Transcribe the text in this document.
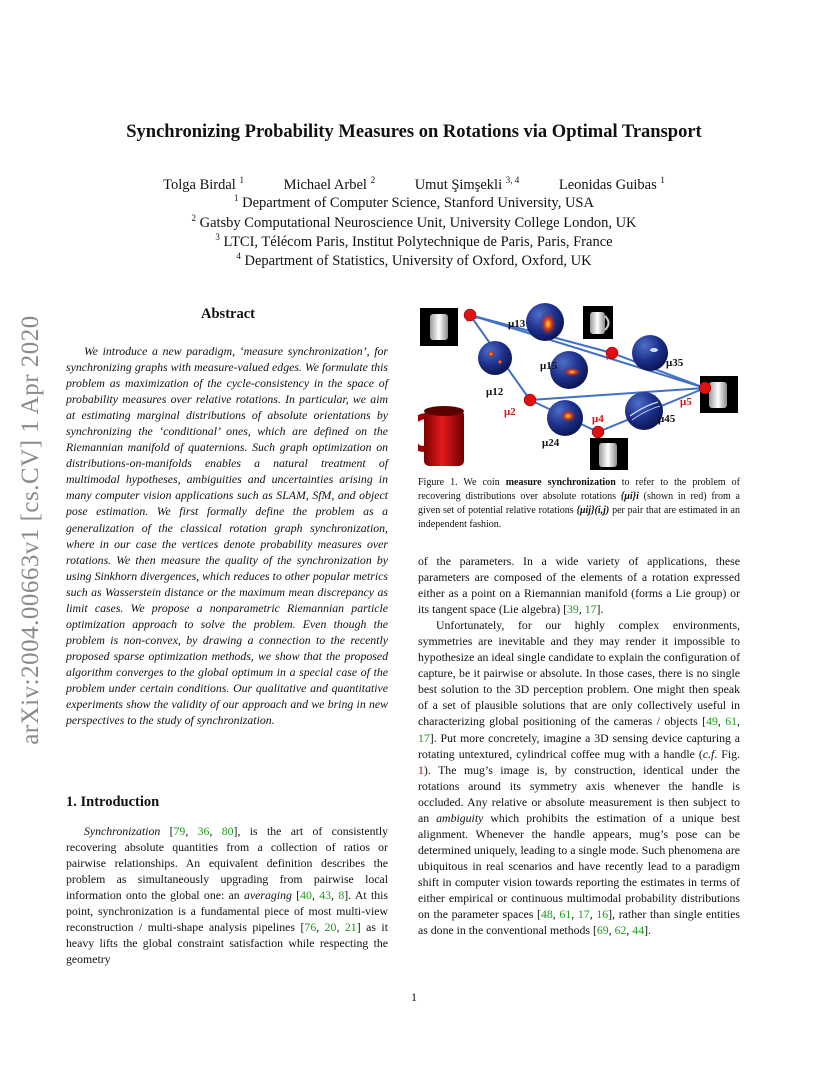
Synchronizing Probability Measures on Rotations via Optimal Transport
Tolga Birdal $^1$	Michael Arbel $^2$	Umut Şimşekli $^{3, 4}$	Leonidas Guibas $^1$
$^1$ Department of Computer Science, Stanford University, USA
$^2$ Gatsby Computational Neuroscience Unit, University College London, UK
$^3$ LTCI, Télécom Paris, Institut Polytechnique de Paris, Paris, France
$^4$ Department of Statistics, University of Oxford, Oxford, UK
arXiv:2004.00663v1 [cs.CV] 1 Apr 2020
Abstract
We introduce a new paradigm, ‘measure synchronization’, for synchronizing graphs with measure-valued edges. We formulate this problem as maximization of the cycle-consistency in the space of probability measures over relative rotations. In particular, we aim at estimating marginal distributions of absolute orientations by synchronizing the ‘conditional’ ones, which are defined on the Riemannian manifold of quaternions. Such graph optimization on distributions-on-manifolds enables a natural treatment of multimodal hypotheses, ambiguities and uncertainties arising in many computer vision applications such as SLAM, SfM, and object pose estimation. We first formally define the problem as a generalization of the classical rotation graph synchronization, where in our case the vertices denote probability measures over rotations. We then measure the quality of the synchronization by using Sinkhorn divergences, which reduces to other popular metrics such as Wasserstein distance or the maximum mean discrepancy as limit cases. We propose a nonparametric Riemannian particle optimization approach to solve the problem. Even though the problem is non-convex, by drawing a connection to the recently proposed sparse optimization methods, we show that the proposed algorithm converges to the global optimum in a special case of the problem under certain conditions. Our qualitative and quantitative experiments show the validity of our approach and we bring in new perspectives to the study of synchronization.
1. Introduction
Synchronization [79, 36, 80], is the art of consistently recovering absolute quantities from a collection of ratios or pairwise relationships. An equivalent definition describes the problem as simultaneously upgrading from pairwise local information onto the global one: an averaging [40, 43, 8]. At this point, synchronization is a fundamental piece of most multi-view reconstruction / multi-shape analysis pipelines [76, 20, 21] as it heavy lifts the global constraint satisfaction while respecting the geometry
μ1
μ3
μ2
μ4
μ5
μ13
μ12
μ15	μ35
μ45
μ24
Figure 1. We coin measure synchronization to refer to the problem of recovering distributions over absolute rotations {μi}i (shown in red) from a given set of potential relative rotations {μij}(i,j) per pair that are estimated in an independent fashion.

of the parameters. In a wide variety of applications, these parameters are composed of the elements of a rotation expressed either as a point on a Riemannian manifold (forms a Lie group) or its tangent space (Lie algebra) [39, 17].

Unfortunately, for our highly complex environments, symmetries are inevitable and they may render it impossible to hypothesize an ideal single candidate to explain the configuration of capture, be it pairwise or absolute. In those cases, there is no single best solution to the 3D perception problem. One might then speak of a set of plausible solutions that are only collectively useful in characterizing global positioning of the cameras / objects [49, 61, 17]. Put more concretely, imagine a 3D sensing device capturing a rotating untextured, cylindrical coffee mug with a handle (c.f. Fig. 1). The mug’s image is, by construction, identical under the rotations around its symmetry axis whenever the handle is occluded. Any relative or absolute measurement is then subject to an ambiguity which prohibits the estimation of a unique best alignment. Whenever the handle appears, mug’s pose can be determined uniquely, leading to a single mode. Such phenomena are ubiquitous in real scenarios and have recently lead to a paradigm shift in computer vision towards reporting the estimates in terms of either empirical or continuous multimodal probability distributions on the parameter spaces [48, 61, 17, 16], rather than single entities as done in the conventional methods [69, 62, 44].

1
